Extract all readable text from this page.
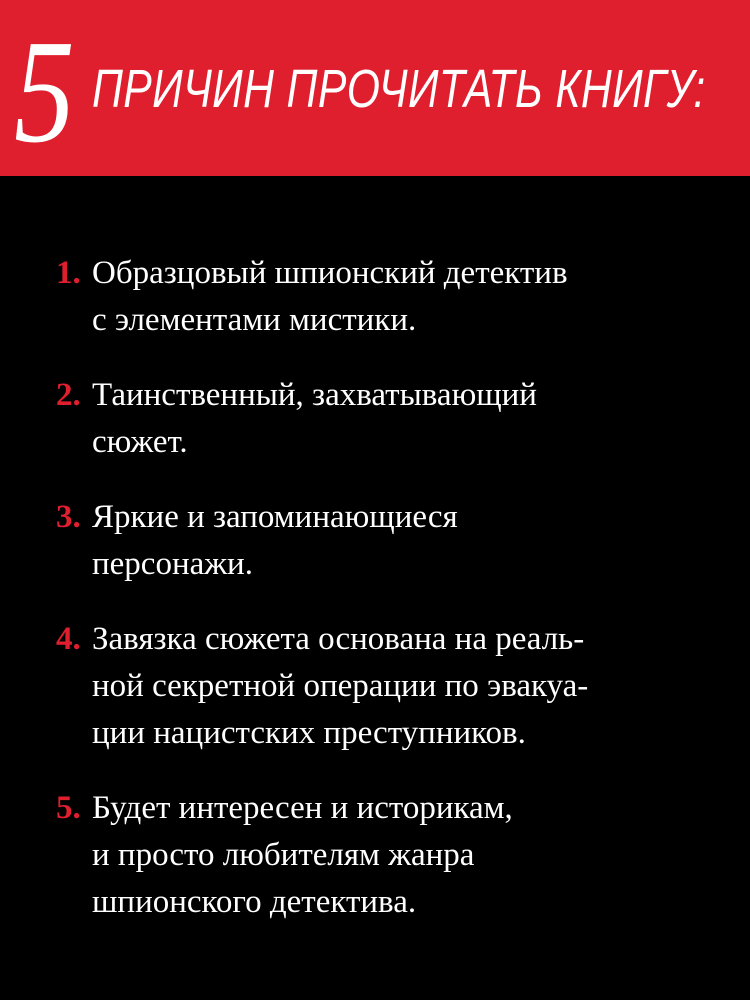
5 ПРИЧИН ПРОЧИТАТЬ КНИГУ:
1. Образцовый шпионский детектив
с элементами мистики.
2. Таинственный, захватывающий
сюжет.
3. Яркие и запоминающиеся
персонажи.
4. Завязка сюжета основана на реаль-
ной секретной операции по эвакуа-
ции нацистских преступников.
5. Будет интересен и историкам,
и просто любителям жанра
шпионского детектива.
